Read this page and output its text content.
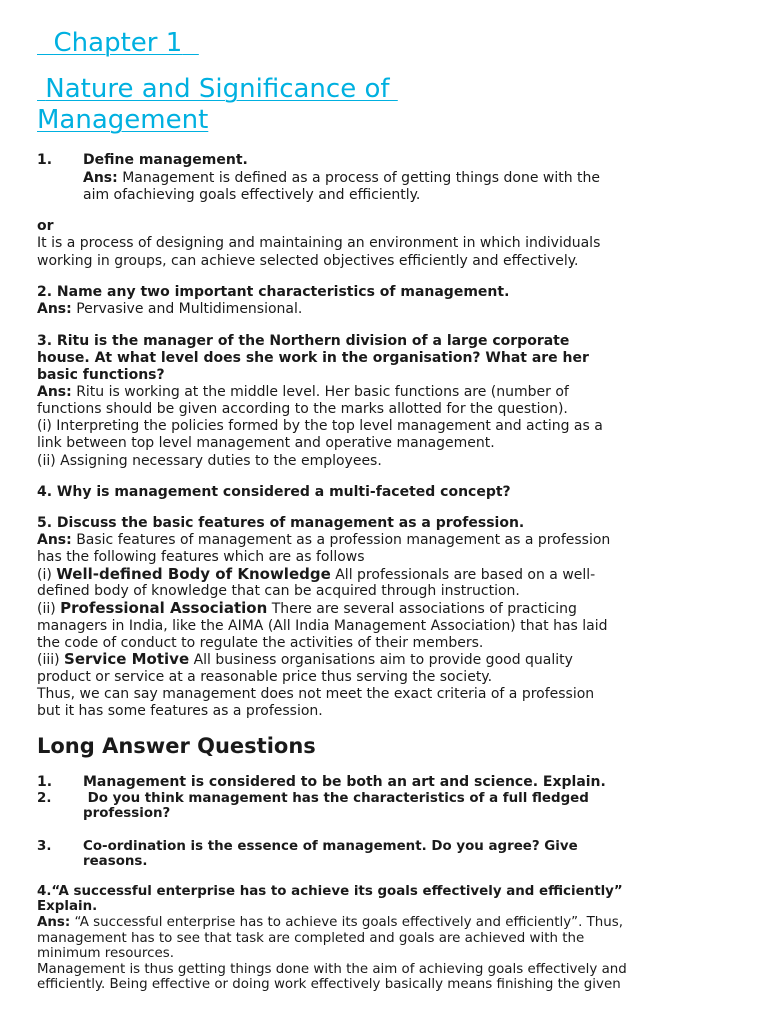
Chapter 1
Nature and Significance of
Management
1. Define management.
Ans: Management is defined as a process of getting things done with the
aim ofachieving goals effectively and efficiently.
or
It is a process of designing and maintaining an environment in which individuals
working in groups, can achieve selected objectives efficiently and effectively.
2. Name any two important characteristics of management.
Ans: Pervasive and Multidimensional.
3. Ritu is the manager of the Northern division of a large corporate
house. At what level does she work in the organisation? What are her
basic functions?
Ans: Ritu is working at the middle level. Her basic functions are (number of
functions should be given according to the marks allotted for the question).
(i) Interpreting the policies formed by the top level management and acting as a
link between top level management and operative management.
(ii) Assigning necessary duties to the employees.
4. Why is management considered a multi-faceted concept?
5. Discuss the basic features of management as a profession.
Ans: Basic features of management as a profession management as a profession
has the following features which are as follows
(i) Well-defined Body of Knowledge All professionals are based on a well-
defined body of knowledge that can be acquired through instruction.
(ii) Professional Association There are several associations of practicing
managers in India, like the AIMA (All India Management Association) that has laid
the code of conduct to regulate the activities of their members.
(iii) Service Motive All business organisations aim to provide good quality
product or service at a reasonable price thus serving the society.
Thus, we can say management does not meet the exact criteria of a profession
but it has some features as a profession.
Long Answer Questions
1. Management is considered to be both an art and science. Explain.
2.	Do you think management has the characteristics of a full fledged
profession?
3. Co-ordination is the essence of management. Do you agree? Give
reasons.
4.“A successful enterprise has to achieve its goals effectively and efficiently”
Explain.
Ans: “A successful enterprise has to achieve its goals effectively and efficiently”. Thus,
management has to see that task are completed and goals are achieved with the
minimum resources.
Management is thus getting things done with the aim of achieving goals effectively and
efficiently. Being effective or doing work effectively basically means finishing the given
